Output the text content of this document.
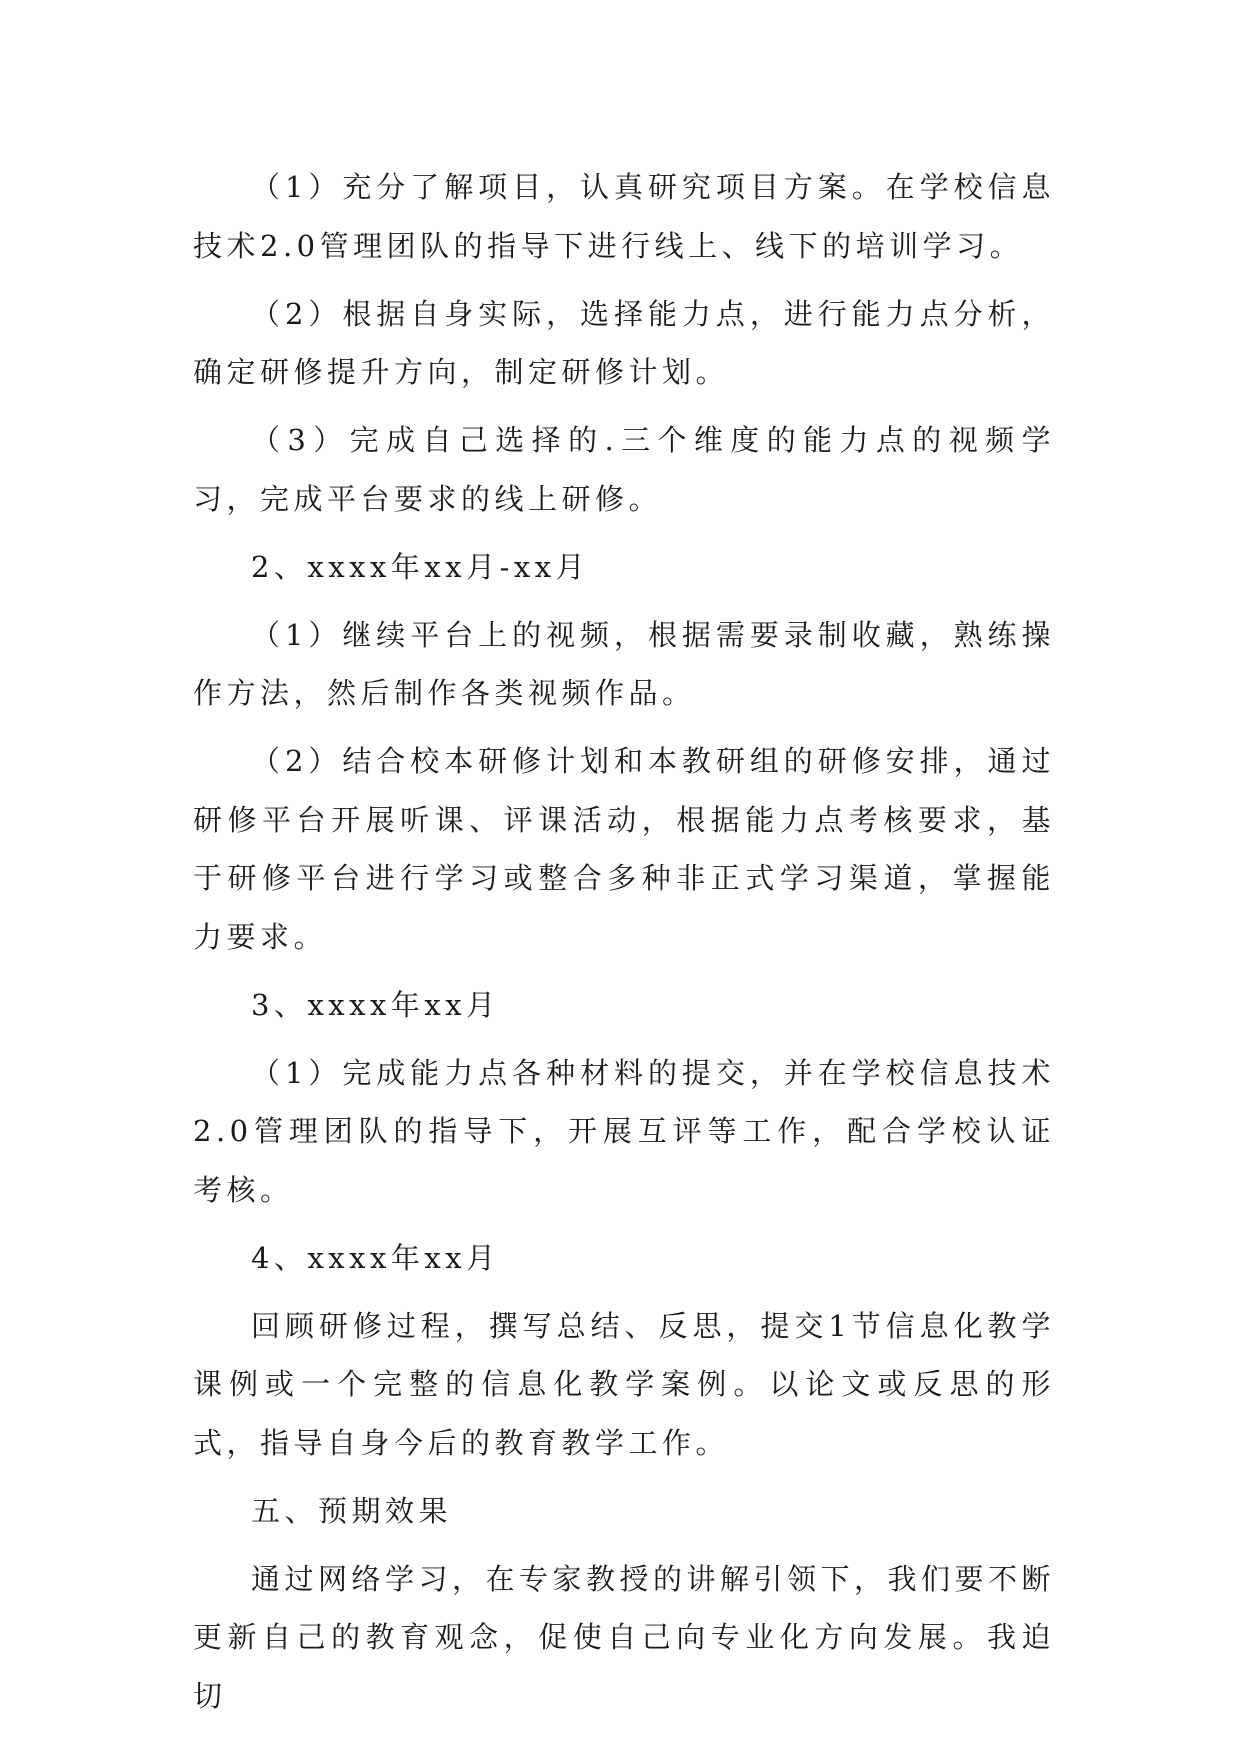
（1）充分了解项目，认真研究项目方案。在学校信息技术2.0管理团队的指导下进行线上、线下的培训学习。

（2）根据自身实际，选择能力点，进行能力点分析，确定研修提升方向，制定研修计划。

（3）完成自己选择的.三个维度的能力点的视频学习，完成平台要求的线上研修。

2、xxxx年xx月-xx月

（1）继续平台上的视频，根据需要录制收藏，熟练操作方法，然后制作各类视频作品。

（2）结合校本研修计划和本教研组的研修安排，通过研修平台开展听课、评课活动，根据能力点考核要求，基于研修平台进行学习或整合多种非正式学习渠道，掌握能力要求。

3、xxxx年xx月

（1）完成能力点各种材料的提交，并在学校信息技术2.0管理团队的指导下，开展互评等工作，配合学校认证考核。

4、xxxx年xx月

回顾研修过程，撰写总结、反思，提交1节信息化教学课例或一个完整的信息化教学案例。以论文或反思的形式，指导自身今后的教育教学工作。

五、预期效果

通过网络学习，在专家教授的讲解引领下，我们要不断更新自己的教育观念，促使自己向专业化方向发展。我迫切
